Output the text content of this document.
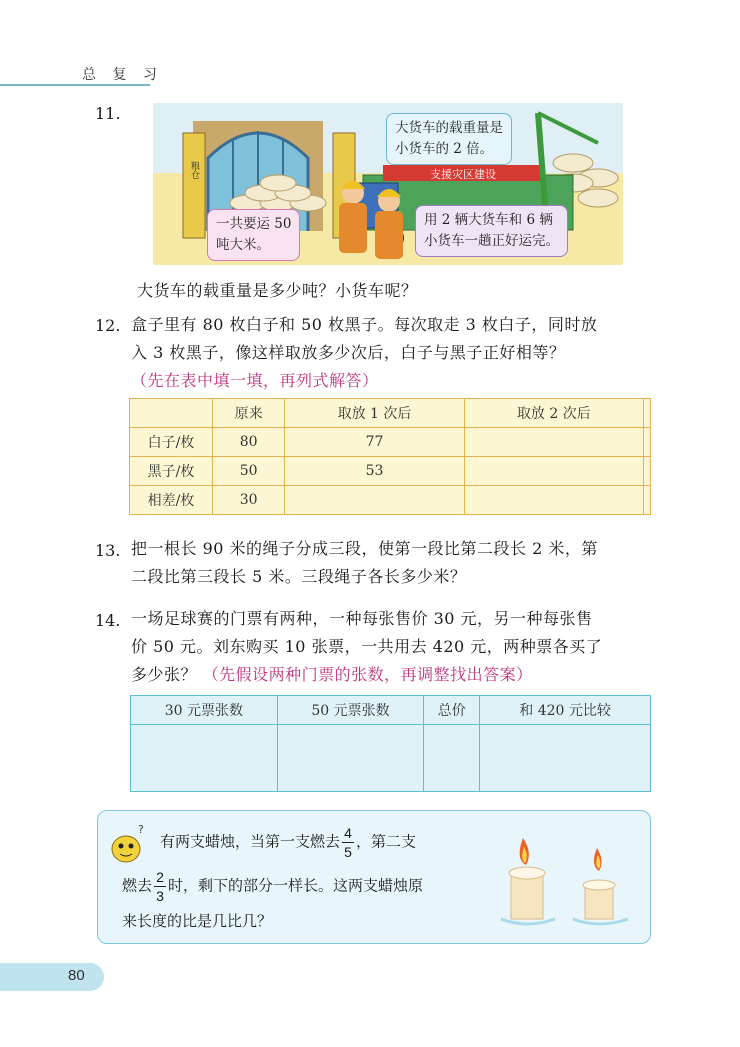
总 复 习
11.
粮仓	支援灾区建设
大货车的载重量是
小货车的 2 倍。
一共要运 50
吨大米。
用 2 辆大货车和 6 辆
小货车一趟正好运完。
大货车的载重量是多少吨？小货车呢？
12. 盒子里有 80 枚白子和 50 枚黑子。每次取走 3 枚白子，同时放
入 3 枚黑子，像这样取放多少次后，白子与黑子正好相等？
（先在表中填一填，再列式解答）
	原来	取放 1 次后	取放 2 次后	
白子/枚	80	77		
黑子/枚	50	53		
相差/枚	30			
13. 把一根长 90 米的绳子分成三段，使第一段比第二段长 2 米，第
二段比第三段长 5 米。三段绳子各长多少米？
14. 一场足球赛的门票有两种，一种每张售价 30 元，另一种每张售
价 50 元。刘东购买 10 张票，一共用去 420 元，两种票各买了
多少张？ （先假设两种门票的张数，再调整找出答案）
30 元票张数	50 元票张数	总价	和 420 元比较

?
有两支蜡烛，当第一支燃去 $\frac{4}{5}$ ，第二支
燃去 $\frac{2}{3}$ 时，剩下的部分一样长。这两支蜡烛原
来长度的比是几比几？
80
